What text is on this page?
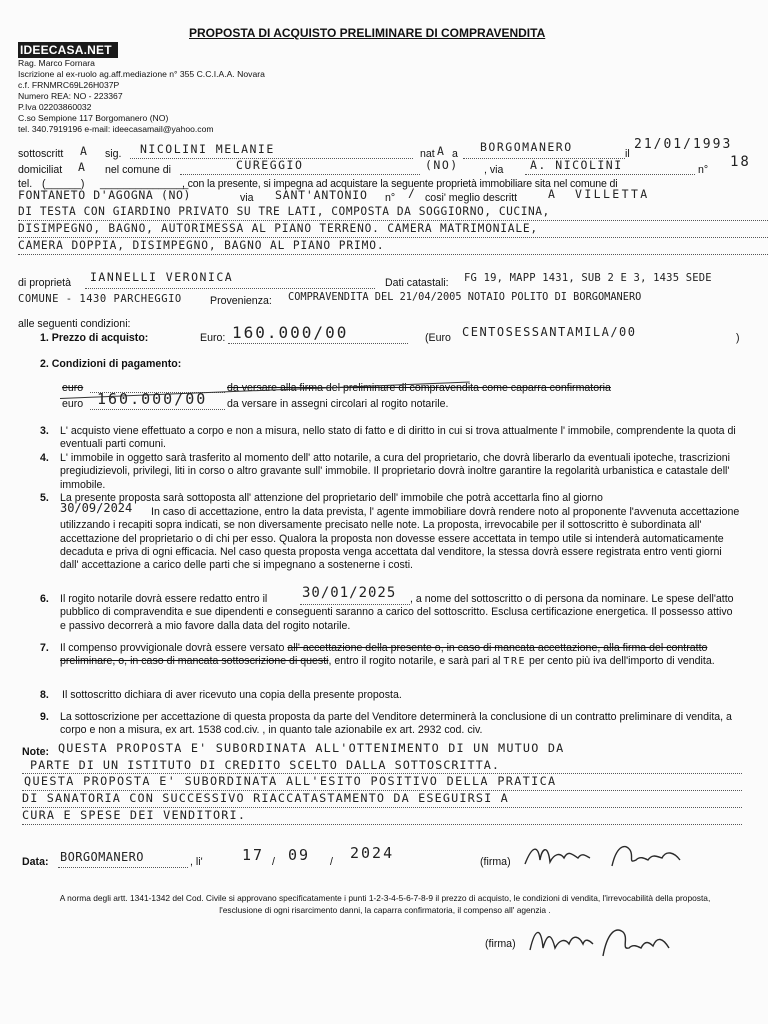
PROPOSTA DI ACQUISTO PRELIMINARE DI COMPRAVENDITA
IDEECASA.NET
Rag. Marco Fornara
Iscrizione al ex-ruolo ag.aff.mediazione n° 355 C.C.I.A.A. Novara
c.f. FRNMRC69L26H037P
Numero REA: NO - 223367
P.Iva 02203860032
C.so Sempione 117 Borgomanero (NO)
tel. 340.7919196 e-mail: ideecasamail@yahoo.com
sottoscritt A sig. NICOLINI MELANIE	nat A a BORGOMANERO	il
21/01/1993
domiciliat A nel comune di	CUREGGIO	(NO) , via A. NICOLINI	n° 18
tel. (______) _______________
, con la presente, si impegna ad acquistare la seguente proprietà immobiliare sita nel comune di
FONTANETO D'AGOGNA (NO)	via SANT'ANTONIO n° / cosi' meglio descritt	A VILLETTA
DI TESTA CON GIARDINO PRIVATO SU TRE LATI, COMPOSTA DA SOGGIORNO, CUCINA,
DISIMPEGNO, BAGNO, AUTORIMESSA AL PIANO TERRENO. CAMERA MATRIMONIALE,
CAMERA DOPPIA, DISIMPEGNO, BAGNO AL PIANO PRIMO.
di proprietà IANNELLI VERONICA	Dati catastali: FG 19, MAPP 1431, SUB 2 E 3, 1435 SEDE
COMUNE - 1430 PARCHEGGIO	Provenienza: COMPRAVENDITA DEL 21/04/2005 NOTAIO POLITO DI BORGOMANERO
alle seguenti condizioni:
1. Prezzo di acquisto:	Euro: 160.000/00	(Euro CENTOSESSANTAMILA/00	)
2. Condizioni di pagamento:
euro	da versare alla firma del preliminare di compravendita come caparra confirmatoria
euro 160.000/00 da versare in assegni circolari al rogito notarile.
3. L' acquisto viene effettuato a corpo e non a misura, nello stato di fatto e di diritto in cui si trova attualmente l' immobile, comprendente la quota di eventuali parti comuni.
4. L' immobile in oggetto sarà trasferito al momento dell' atto notarile, a cura del proprietario, che dovrà liberarlo da eventuali ipoteche, trascrizioni pregiudizievoli, privilegi, liti in corso o altro gravante sull' immobile. Il proprietario dovrà inoltre garantire la regolarità urbanistica e catastale dell' immobile.
5. La presente proposta sarà sottoposta all' attenzione del proprietario dell' immobile che potrà accettarla fino al giorno
30/09/2024	In caso di accettazione, entro la data prevista, l' agente immobiliare dovrà rendere noto al proponente l'avvenuta accettazione utilizzando i recapiti sopra indicati, se non diversamente precisato nelle note. La proposta, irrevocabile per il sottoscritto è subordinata all' accettazione del proprietario o di chi per esso. Qualora la proposta non dovesse essere accettata in tempo utile si intenderà automaticamente decaduta e priva di ogni efficacia. Nel caso questa proposta venga accettata dal venditore, la stessa dovrà essere registrata entro venti giorni dall' accettazione a carico delle parti che si impegnano a sostenerne i costi.
6. Il rogito notarile dovrà essere redatto entro il 30/01/2025	, a nome del sottoscritto o di persona da nominare. Le spese dell'atto pubblico di compravendita e sue dipendenti e conseguenti saranno a carico del sottoscritto. Esclusa certificazione energetica. Il possesso attivo e passivo decorrerà a mio favore dalla data del rogito notarile.
7. Il compenso provvigionale dovrà essere versato all' accettazione della presente o, in caso di mancata accettazione, alla firma del contratto preliminare, o, in caso di mancata sottoscrizione di questi, entro il rogito notarile, e sarà pari al TRE per cento più iva dell'importo di vendita.
8. Il sottoscritto dichiara di aver ricevuto una copia della presente proposta.
9. La sottoscrizione per accettazione di questa proposta da parte del Venditore determinerà la conclusione di un contratto preliminare di vendita, a corpo e non a misura, ex art. 1538 cod.civ. , in quanto tale azionabile ex art. 2932 cod. civ.
Note: QUESTA PROPOSTA E' SUBORDINATA ALL'OTTENIMENTO DI UN MUTUO DA
PARTE DI UN ISTITUTO DI CREDITO SCELTO DALLA SOTTOSCRITTA.
QUESTA PROPOSTA E' SUBORDINATA ALL'ESITO POSITIVO DELLA PRATICA
DI SANATORIA CON SUCCESSIVO RIACCATASTAMENTO DA ESEGUIRSI A
CURA E SPESE DEI VENDITORI.
Data: BORGOMANERO	, li'	17 / 09 / 2024	(firma)
A norma degli artt. 1341-1342 del Cod. Civile si approvano specificatamente i punti 1-2-3-4-5-6-7-8-9 il prezzo di acquisto, le condizioni di vendita, l'irrevocabilità della proposta, l'esclusione di ogni risarcimento danni, la caparra confirmatoria, il compenso all' agenzia .
(firma)
